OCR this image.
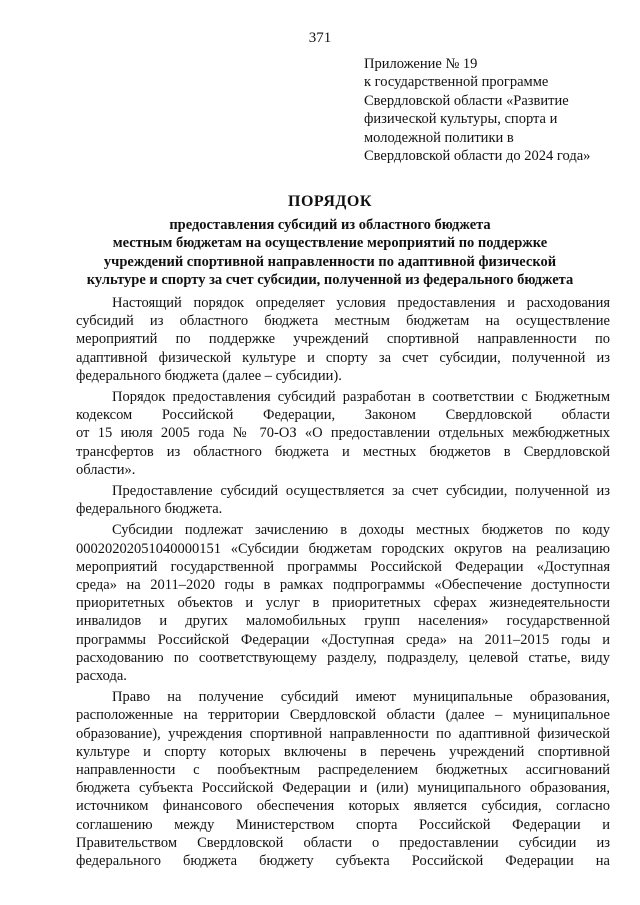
371
Приложение № 19
к государственной программе
Свердловской области «Развитие
физической культуры, спорта и
молодежной политики в
Свердловской области до 2024 года»
ПОРЯДОК
предоставления субсидий из областного бюджета
местным бюджетам на осуществление мероприятий по поддержке
учреждений спортивной направленности по адаптивной физической
культуре и спорту за счет субсидии, полученной из федерального бюджета
Настоящий порядок определяет условия предоставления и расходования
субсидий из областного бюджета местным бюджетам на осуществление
мероприятий по поддержке учреждений спортивной направленности по
адаптивной физической культуре и спорту за счет субсидии, полученной из
федерального бюджета (далее – субсидии).
Порядок предоставления субсидий разработан в соответствии с Бюджетным
кодексом Российской Федерации, Законом Свердловской области
от 15 июля 2005 года № 70-ОЗ «О предоставлении отдельных межбюджетных
трансфертов из областного бюджета и местных бюджетов в Свердловской
области».
Предоставление субсидий осуществляется за счет субсидии, полученной из
федерального бюджета.
Субсидии подлежат зачислению в доходы местных бюджетов по коду
00020202051040000151 «Субсидии бюджетам городских округов на реализацию
мероприятий государственной программы Российской Федерации «Доступная
среда» на 2011–2020 годы в рамках подпрограммы «Обеспечение доступности
приоритетных объектов и услуг в приоритетных сферах жизнедеятельности
инвалидов и других маломобильных групп населения» государственной
программы Российской Федерации «Доступная среда» на 2011–2015 годы и
расходованию по соответствующему разделу, подразделу, целевой статье, виду
расхода.
Право на получение субсидий имеют муниципальные образования,
расположенные на территории Свердловской области (далее – муниципальное
образование), учреждения спортивной направленности по адаптивной физической
культуре и спорту которых включены в перечень учреждений спортивной
направленности с пообъектным распределением бюджетных ассигнований
бюджета субъекта Российской Федерации и (или) муниципального образования,
источником финансового обеспечения которых является субсидия, согласно
соглашению между Министерством спорта Российской Федерации и
Правительством Свердловской области о предоставлении субсидии из
федерального бюджета бюджету субъекта Российской Федерации на
